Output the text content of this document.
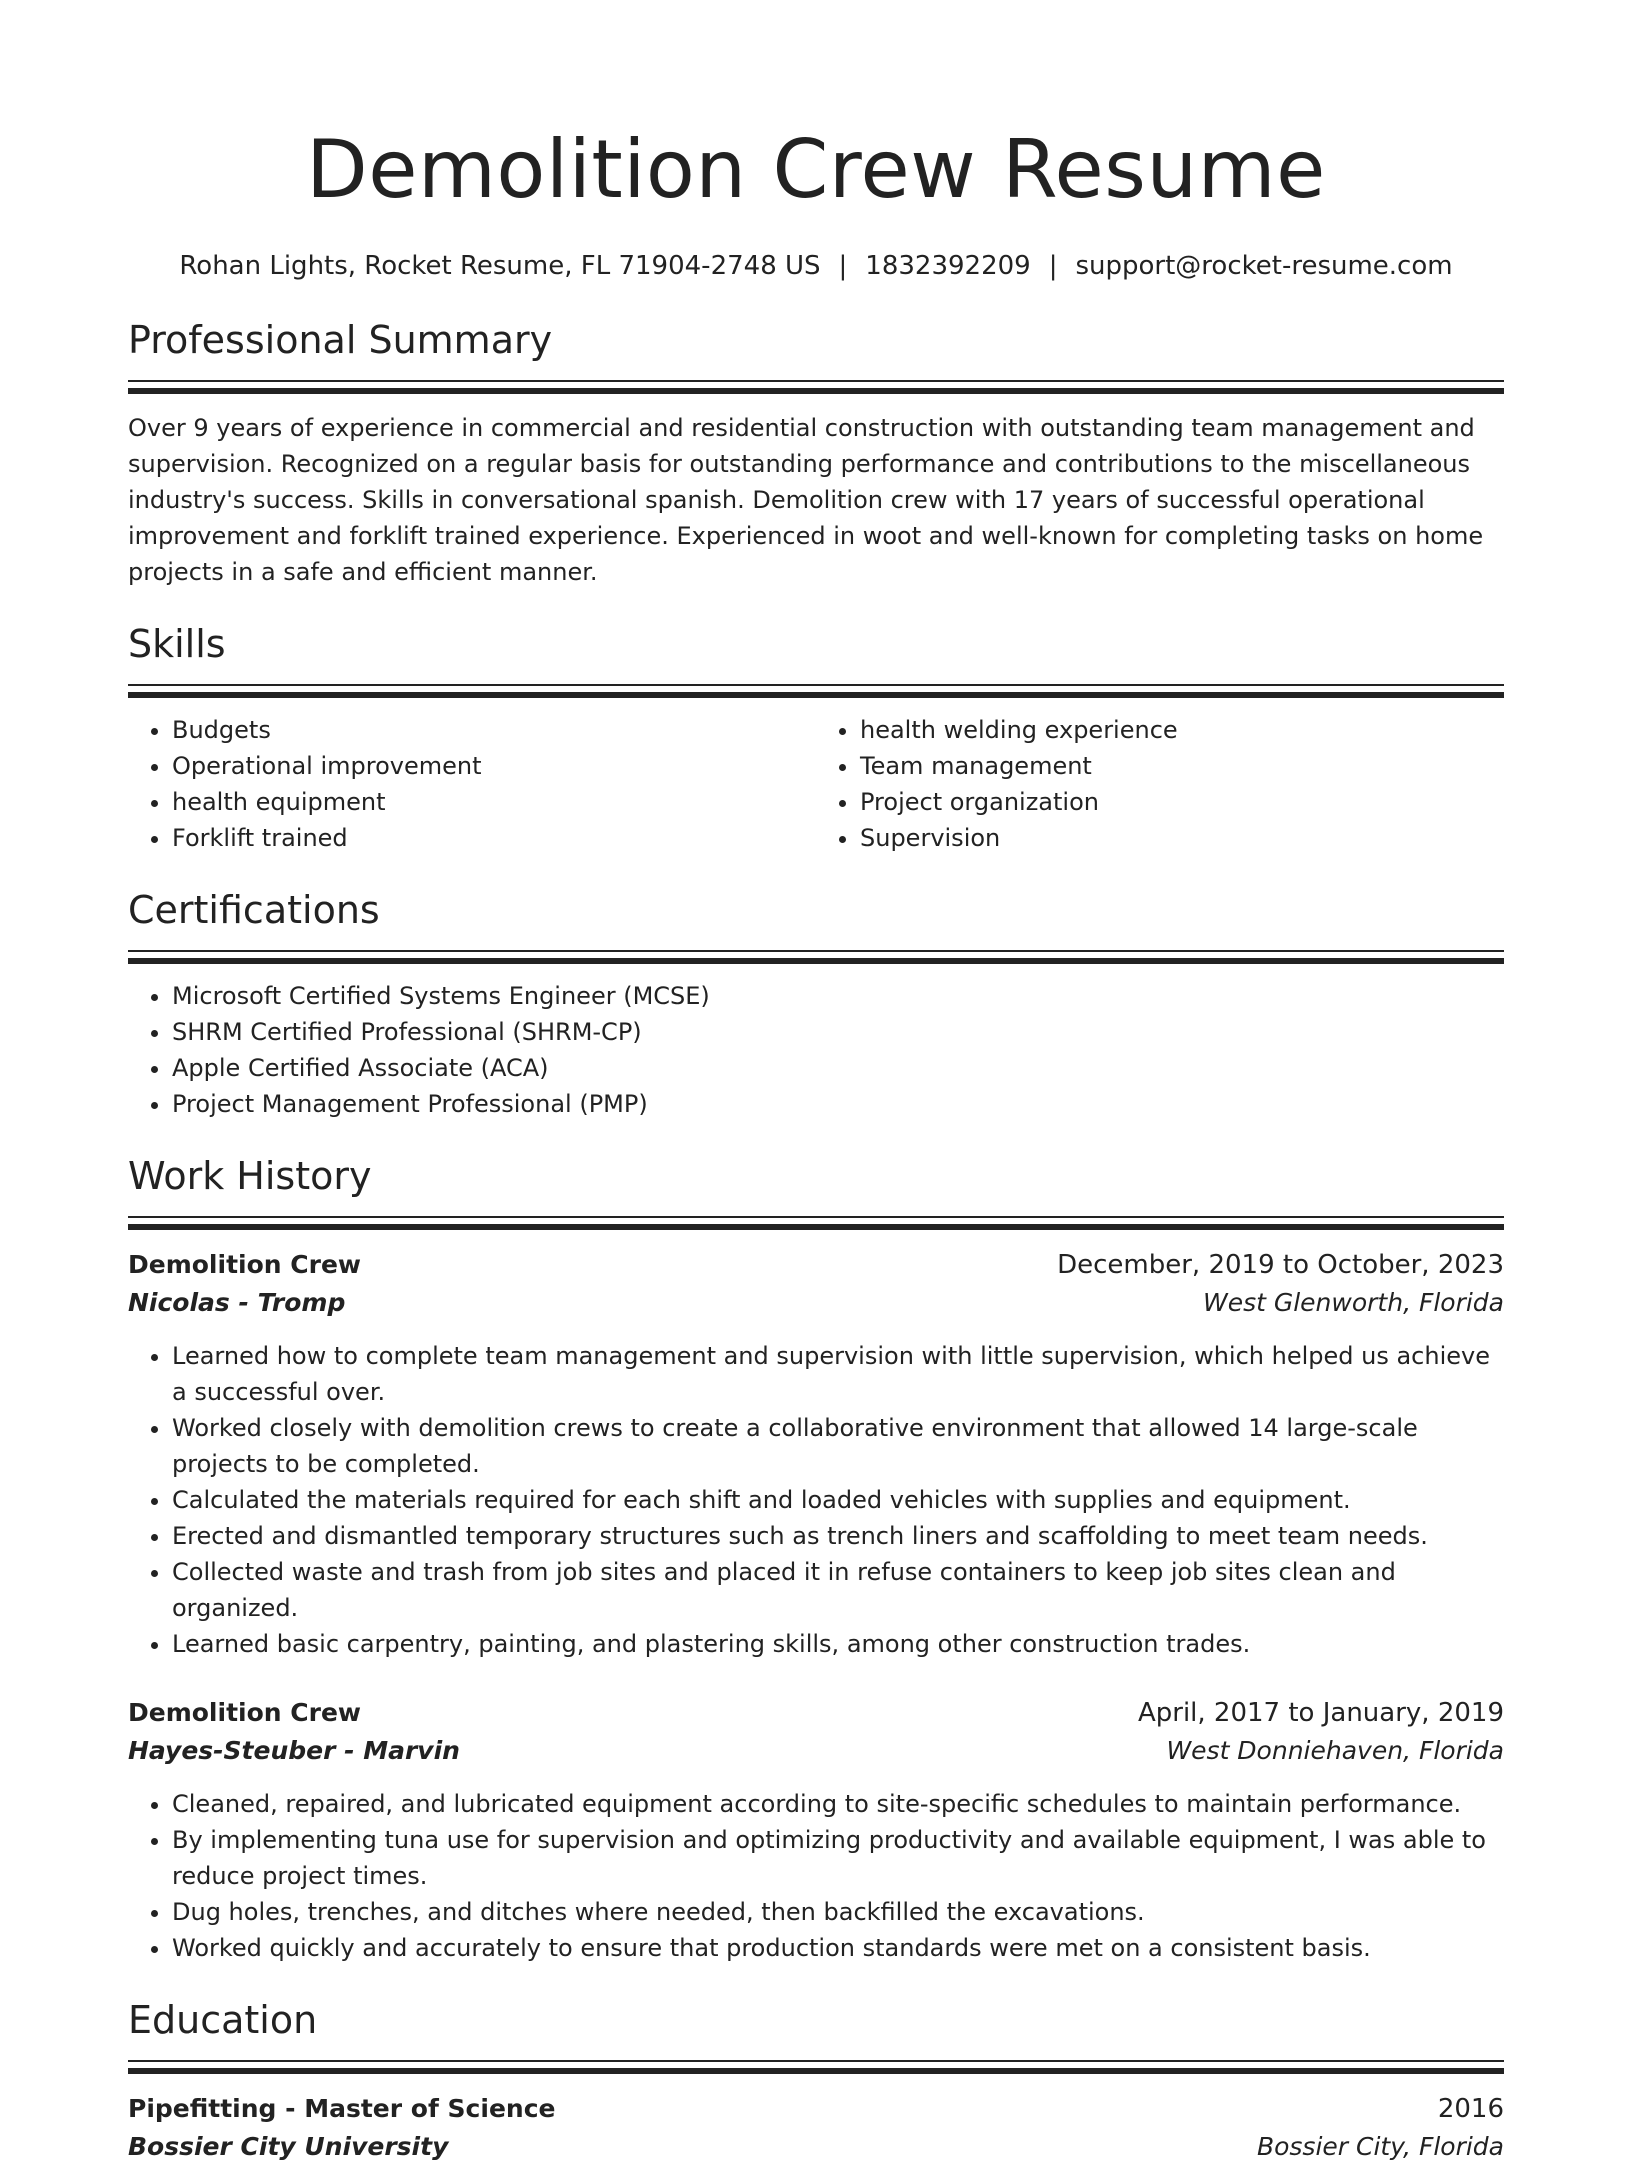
Demolition Crew Resume
Rohan Lights, Rocket Resume, FL 71904-2748 US | 1832392209 | support@rocket-resume.com
Professional Summary

Over 9 years of experience in commercial and residential construction with outstanding team management and supervision. Recognized on a regular basis for outstanding performance and contributions to the miscellaneous industry's success. Skills in conversational spanish. Demolition crew with 17 years of successful operational improvement and forklift trained experience. Experienced in woot and well-known for completing tasks on home projects in a safe and efficient manner.

Skills
• Budgets
• Operational improvement
• health equipment
• Forklift trained
• health welding experience
• Team management
• Project organization
• Supervision
Certifications
• Microsoft Certified Systems Engineer (MCSE)
• SHRM Certified Professional (SHRM-CP)
• Apple Certified Associate (ACA)
• Project Management Professional (PMP)
Work History
Demolition Crew	December, 2019 to October, 2023
Nicolas - Tromp	West Glenworth, Florida
• Learned how to complete team management and supervision with little supervision, which helped us achieve a successful over.
• Worked closely with demolition crews to create a collaborative environment that allowed 14 large-scale projects to be completed.
• Calculated the materials required for each shift and loaded vehicles with supplies and equipment.
• Erected and dismantled temporary structures such as trench liners and scaffolding to meet team needs.
• Collected waste and trash from job sites and placed it in refuse containers to keep job sites clean and organized.
• Learned basic carpentry, painting, and plastering skills, among other construction trades.
Demolition Crew	April, 2017 to January, 2019
Hayes-Steuber - Marvin	West Donniehaven, Florida
• Cleaned, repaired, and lubricated equipment according to site-specific schedules to maintain performance.
• By implementing tuna use for supervision and optimizing productivity and available equipment, I was able to reduce project times.
• Dug holes, trenches, and ditches where needed, then backfilled the excavations.
• Worked quickly and accurately to ensure that production standards were met on a consistent basis.
Education
Pipefitting - Master of Science	2016
Bossier City University	Bossier City, Florida
